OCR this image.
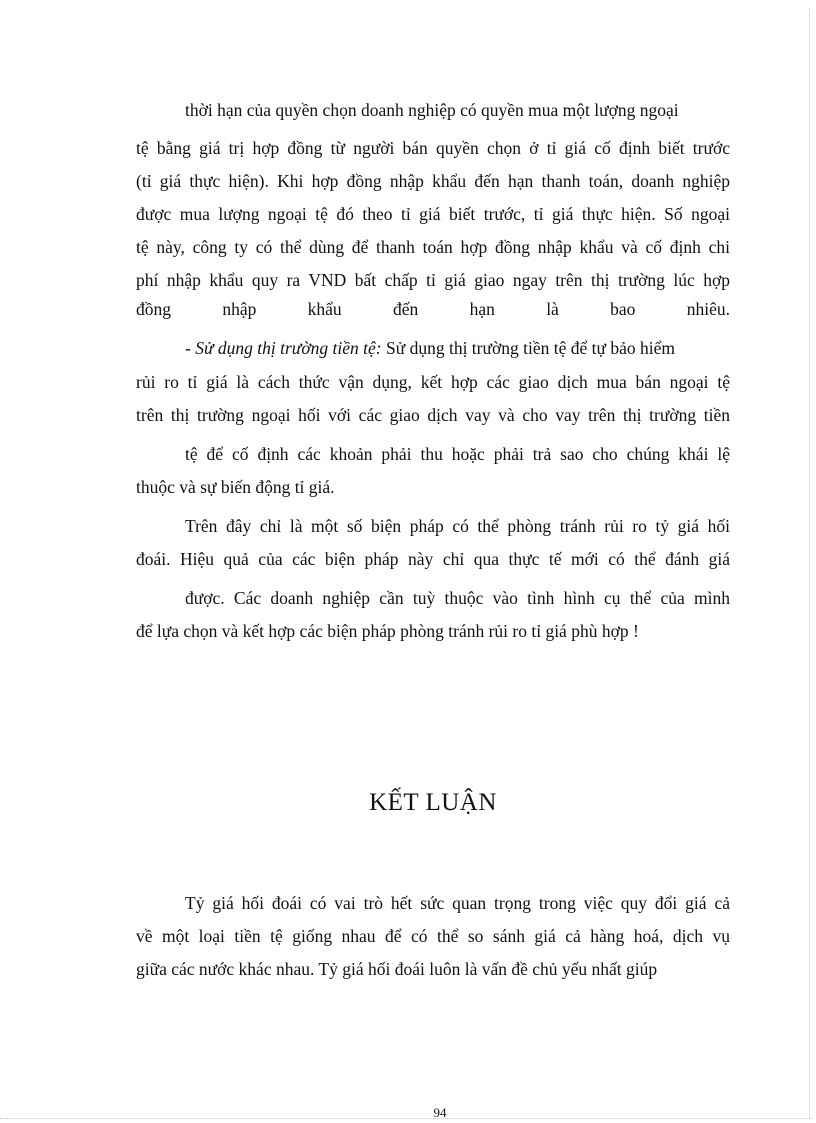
thời hạn của quyền chọn doanh nghiệp có quyền mua một lượng ngoại
tệ bằng giá trị hợp đồng từ người bán quyền chọn ở tỉ giá cố định biết trước
(tỉ giá thực hiện). Khi hợp đồng nhập khẩu đến hạn thanh toán, doanh nghiệp
được mua lượng ngoại tệ đó theo tỉ giá biết trước, tỉ giá thực hiện. Số ngoại
tệ này, công ty có thể dùng để thanh toán hợp đồng nhập khẩu và cố định chi
phí nhập khẩu quy ra VND bất chấp tỉ giá giao ngay trên thị trường lúc hợp
đồng nhập khẩu đến hạn là bao nhiêu.
- Sử dụng thị trường tiền tệ: Sử dụng thị trường tiền tệ để tự bảo hiểm
rủi ro tỉ giá là cách thức vận dụng, kết hợp các giao dịch mua bán ngoại tệ
trên thị trường ngoại hối với các giao dịch vay và cho vay trên thị trường tiền
tệ để cố định các khoản phải thu hoặc phải trả sao cho chúng khái lệ
thuộc và sự biến động tỉ giá.
Trên đây chỉ là một số biện pháp có thể phòng tránh rủi ro tỷ giá hối
đoái. Hiệu quả của các biện pháp này chỉ qua thực tế mới có thể đánh giá
được. Các doanh nghiệp cần tuỳ thuộc vào tình hình cụ thể của mình
để lựa chọn và kết hợp các biện pháp phòng tránh rủi ro tỉ giá phù hợp !
KẾT LUẬN
Tỷ giá hối đoái có vai trò hết sức quan trọng trong việc quy đổi giá cả
về một loại tiền tệ giống nhau để có thể so sánh giá cả hàng hoá, dịch vụ
giữa các nước khác nhau. Tỷ giá hối đoái luôn là vấn đề chủ yếu nhất giúp
94
